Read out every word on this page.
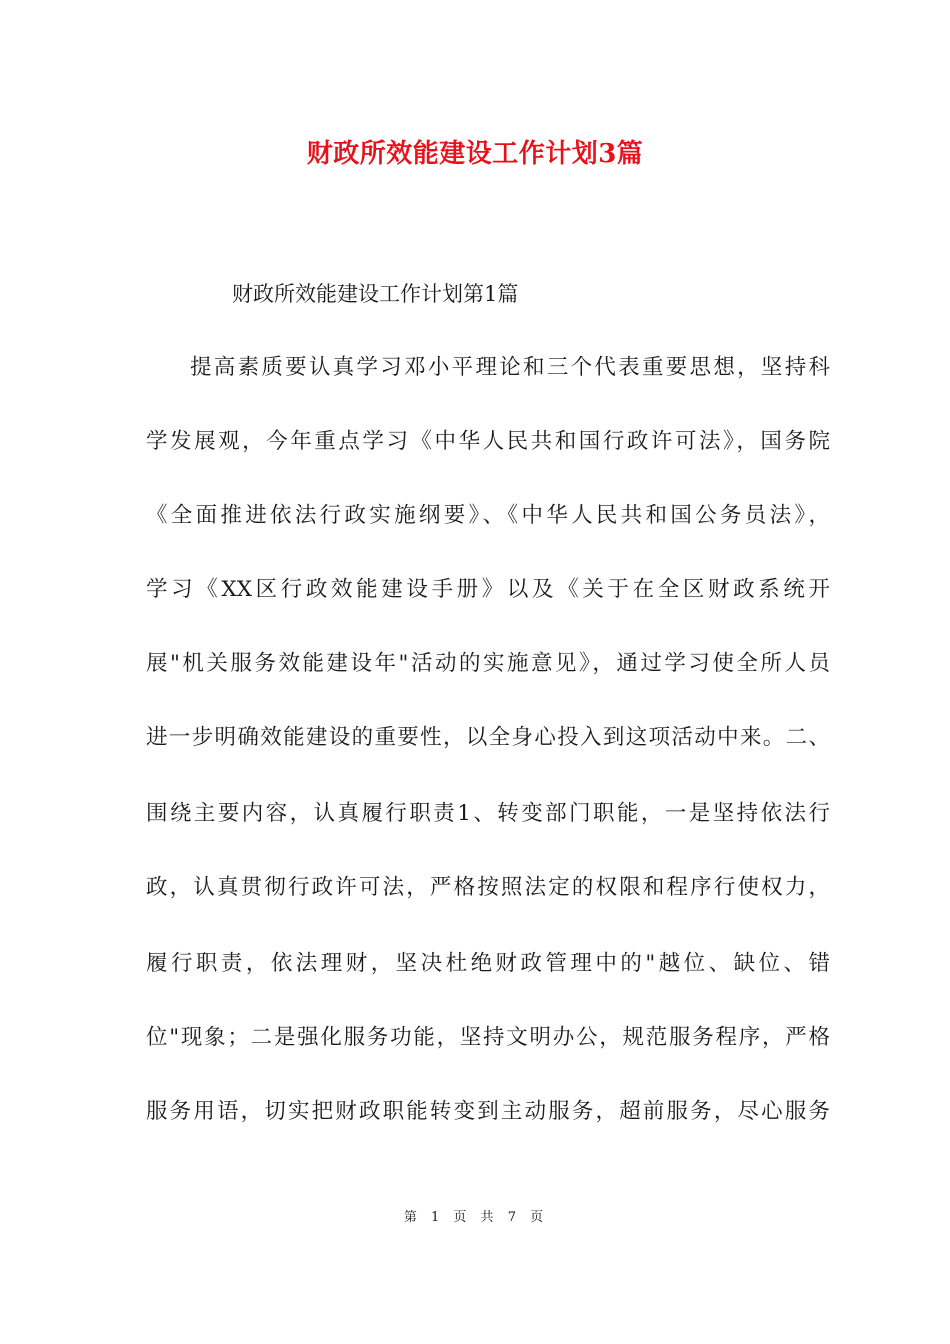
财政所效能建设工作计划3篇
财政所效能建设工作计划第1篇
提高素质要认真学习邓小平理论和三个代表重要思想，坚持科
学发展观，今年重点学习《中华人民共和国行政许可法》，国务院
《全面推进依法行政实施纲要》、《中华人民共和国公务员法》，
学习《XX区行政效能建设手册》以及《关于在全区财政系统开
展"机关服务效能建设年"活动的实施意见》，通过学习使全所人员
进一步明确效能建设的重要性，以全身心投入到这项活动中来。二、
围绕主要内容，认真履行职责1、转变部门职能，一是坚持依法行
政，认真贯彻行政许可法，严格按照法定的权限和程序行使权力，
履行职责，依法理财，坚决杜绝财政管理中的"越位、缺位、错
位"现象；二是强化服务功能，坚持文明办公，规范服务程序，严格
服务用语，切实把财政职能转变到主动服务，超前服务，尽心服务
第 1 页 共 7 页
